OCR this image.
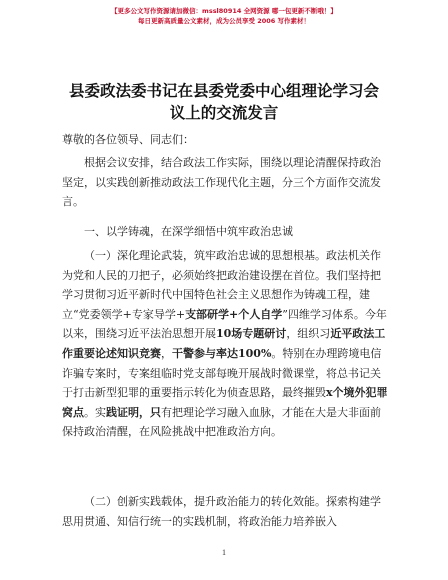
【更多公文写作资源请加微信：mssl80914 全网资源 哪一包更新不断哦！】
每日更新高质量公文素材，成为公员享受 2006 写作素材！
县委政法委书记在县委党委中心组理论学习会
议上的交流发言

尊敬的各位领导、同志们：

根据会议安排，结合政法工作实际，围绕以理论清醒保持政治坚定，以实践创新推动政法工作现代化主题，分三个方面作交流发言。

一、以学铸魂，在深学细悟中筑牢政治忠诚

（一）深化理论武装，筑牢政治忠诚的思想根基。政法机关作为党和人民的刀把子，必须始终把政治建设摆在首位。我们坚持把学习贯彻习近平新时代中国特色社会主义思想作为铸魂工程，建立“党委领学+专家导学+支部研学+个人自学”四维学习体系。今年以来，围绕习近平法治思想开展10场专题研讨，组织习近平政法工作重要论述知识竞赛，干警参与率达100%。特别在办理跨境电信诈骗专案时，专案组临时党支部每晚开展战时微课堂，将总书记关于打击新型犯罪的重要指示转化为侦查思路，最终摧毁x个境外犯罪窝点。实践证明，只有把理论学习融入血脉，才能在大是大非面前保持政治清醒，在风险挑战中把准政治方向。

（二）创新实践载体，提升政治能力的转化效能。探索构建学思用贯通、知信行统一的实践机制，将政治能力培养嵌入

1
